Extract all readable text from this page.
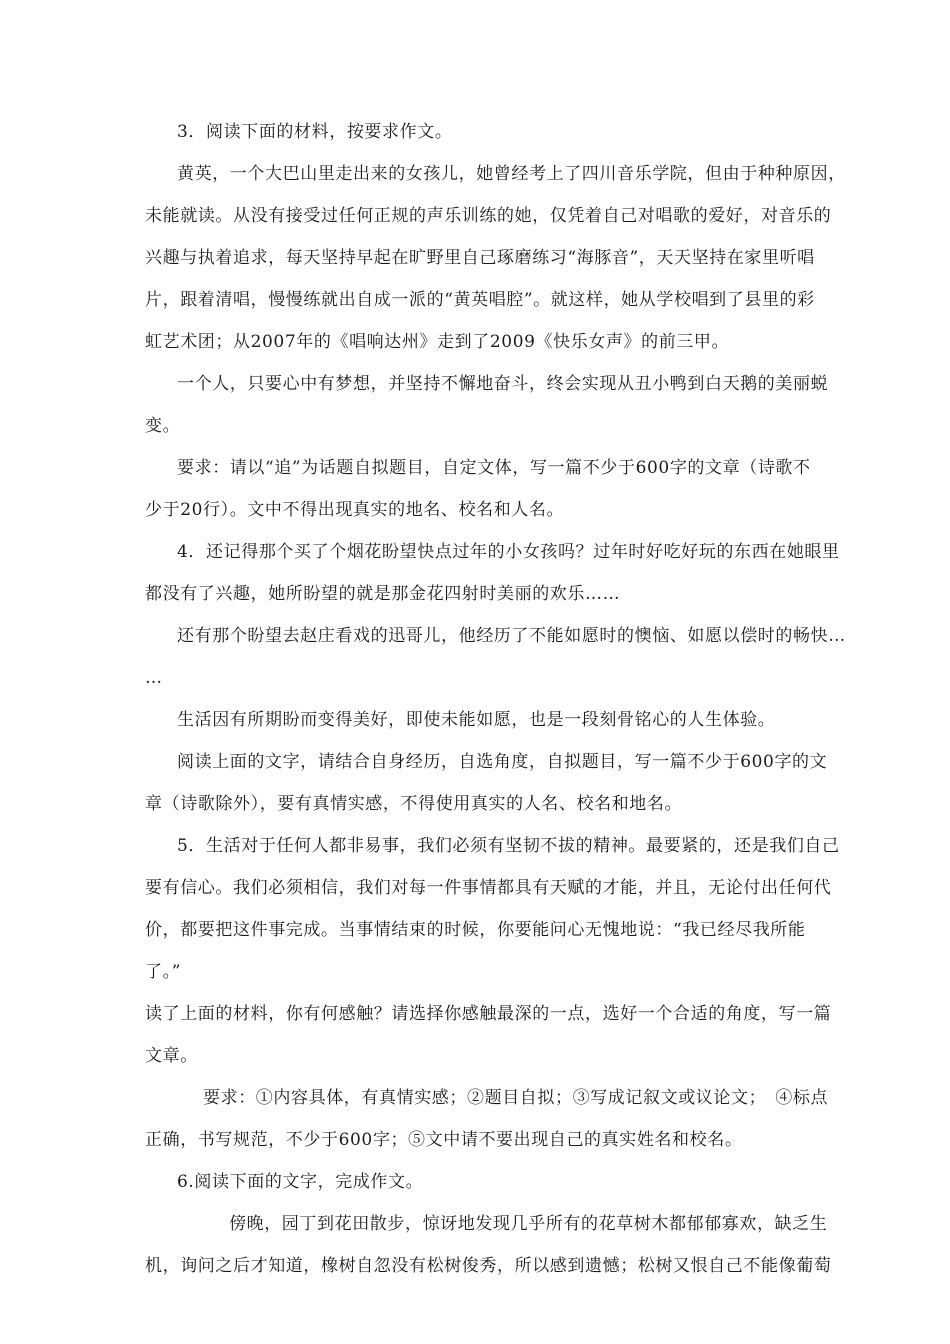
3．阅读下面的材料，按要求作文。
黄英，一个大巴山里走出来的女孩儿，她曾经考上了四川音乐学院，但由于种种原因，
未能就读。从没有接受过任何正规的声乐训练的她，仅凭着自己对唱歌的爱好，对音乐的
兴趣与执着追求，每天坚持早起在旷野里自己琢磨练习“海豚音”，天天坚持在家里听唱
片，跟着清唱，慢慢练就出自成一派的“黄英唱腔”。就这样，她从学校唱到了县里的彩
虹艺术团；从2007年的《唱响达州》走到了2009《快乐女声》的前三甲。
一个人，只要心中有梦想，并坚持不懈地奋斗，终会实现从丑小鸭到白天鹅的美丽蜕
变。
要求：请以“追”为话题自拟题目，自定文体，写一篇不少于600字的文章（诗歌不
少于20行）。文中不得出现真实的地名、校名和人名。
4．还记得那个买了个烟花盼望快点过年的小女孩吗？过年时好吃好玩的东西在她眼里
都没有了兴趣，她所盼望的就是那金花四射时美丽的欢乐……
还有那个盼望去赵庄看戏的迅哥儿，他经历了不能如愿时的懊恼、如愿以偿时的畅快…
…
生活因有所期盼而变得美好，即使未能如愿，也是一段刻骨铭心的人生体验。
阅读上面的文字，请结合自身经历，自选角度，自拟题目，写一篇不少于600字的文
章（诗歌除外），要有真情实感，不得使用真实的人名、校名和地名。
5．生活对于任何人都非易事，我们必须有坚韧不拔的精神。最要紧的，还是我们自己
要有信心。我们必须相信，我们对每一件事情都具有天赋的才能，并且，无论付出任何代
价，都要把这件事完成。当事情结束的时候，你要能问心无愧地说：“我已经尽我所能
了。”
读了上面的材料，你有何感触？请选择你感触最深的一点，选好一个合适的角度，写一篇
文章。
要求：①内容具体，有真情实感；②题目自拟；③写成记叙文或议论文；　④标点
正确，书写规范，不少于600字；⑤文中请不要出现自己的真实姓名和校名。
6.阅读下面的文字，完成作文。
傍晚，园丁到花田散步，惊讶地发现几乎所有的花草树木都郁郁寡欢，缺乏生
机，询问之后才知道，橡树自忽没有松树俊秀，所以感到遗憾；松树又恨自己不能像葡萄
